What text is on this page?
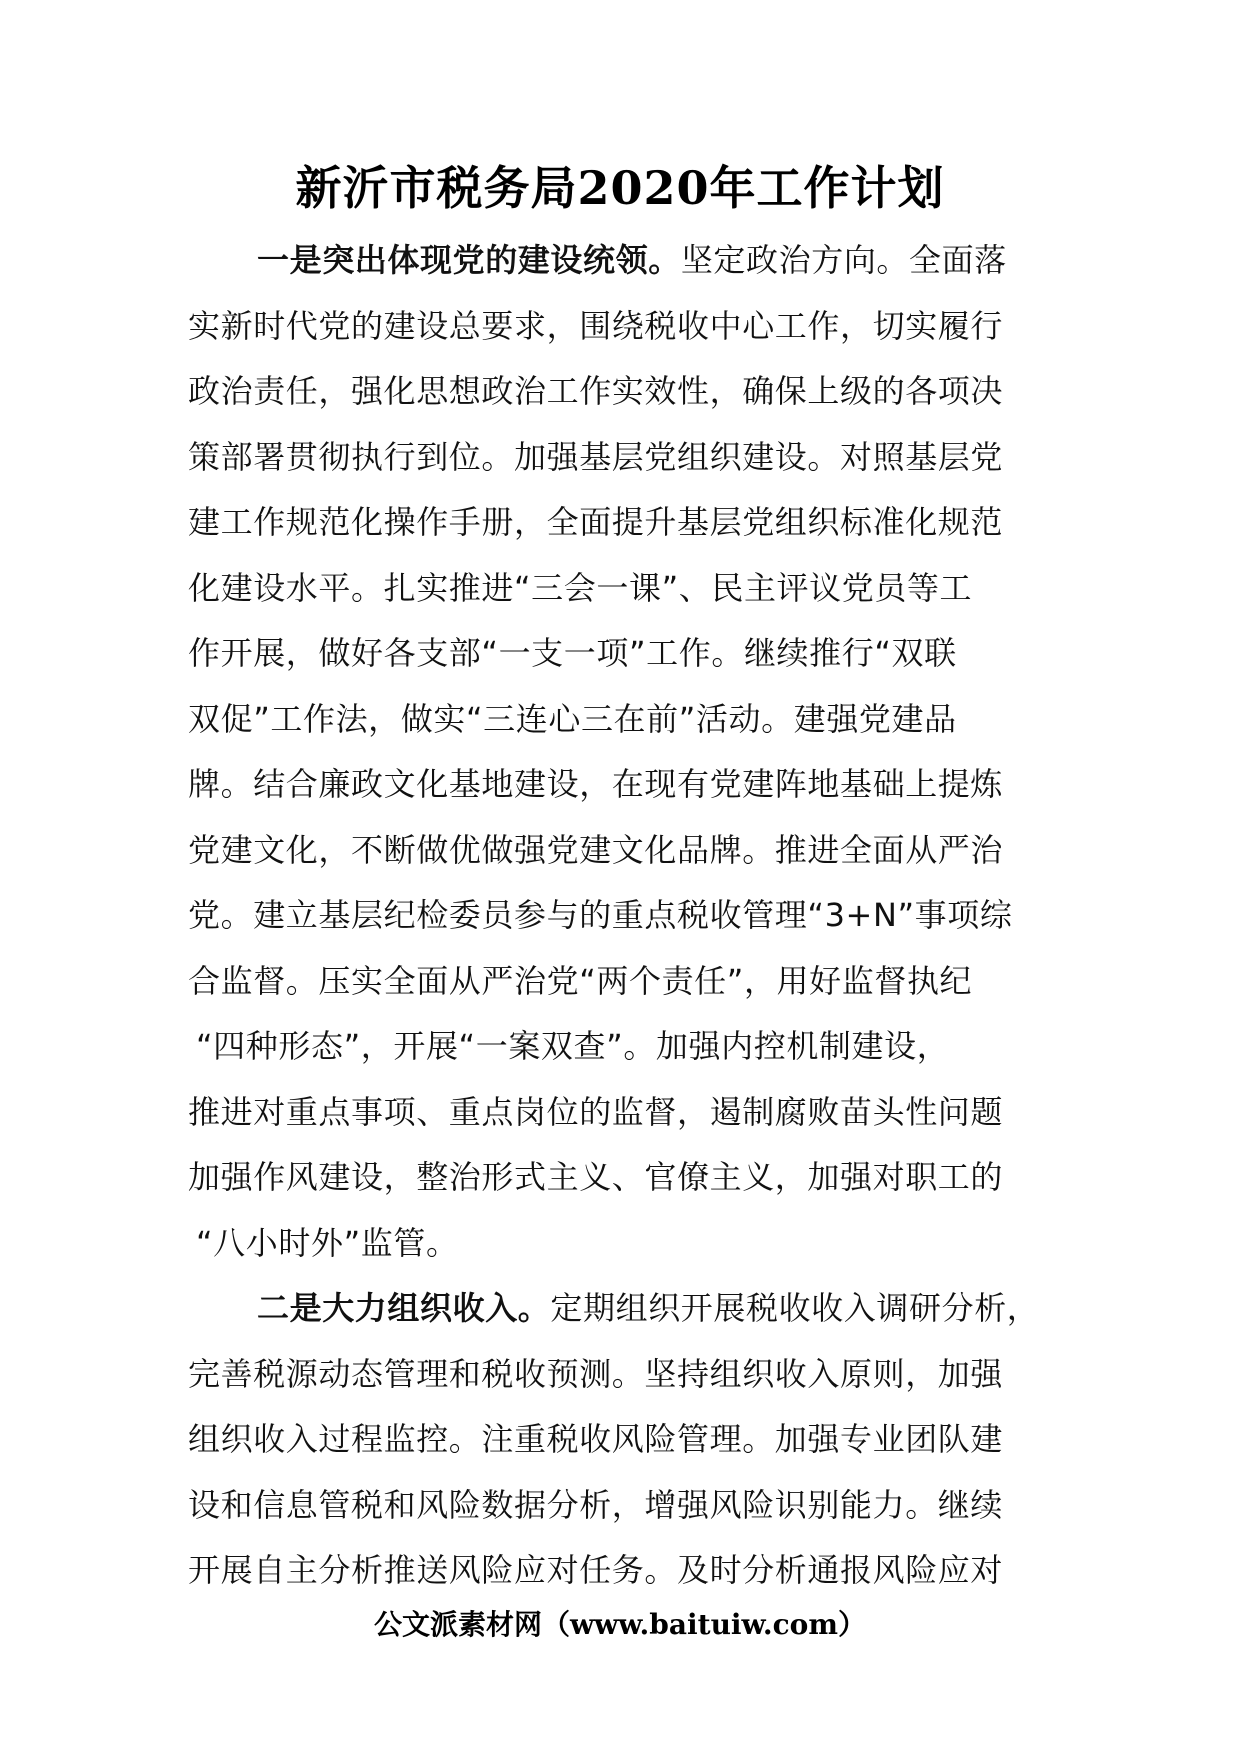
新沂市税务局2020年工作计划
一是突出体现党的建设统领。坚定政治方向。全面落
实新时代党的建设总要求，围绕税收中心工作，切实履行
政治责任，强化思想政治工作实效性，确保上级的各项决
策部署贯彻执行到位。加强基层党组织建设。对照基层党
建工作规范化操作手册，全面提升基层党组织标准化规范
化建设水平。扎实推进“三会一课”、民主评议党员等工
作开展，做好各支部“一支一项”工作。继续推行“双联
双促”工作法，做实“三连心三在前”活动。建强党建品
牌。结合廉政文化基地建设，在现有党建阵地基础上提炼
党建文化，不断做优做强党建文化品牌。推进全面从严治
党。建立基层纪检委员参与的重点税收管理“3+N”事项综
合监督。压实全面从严治党“两个责任”，用好监督执纪
“四种形态”，开展“一案双查”。加强内控机制建设，
推进对重点事项、重点岗位的监督，遏制腐败苗头性问题
加强作风建设，整治形式主义、官僚主义，加强对职工的
“八小时外”监管。
二是大力组织收入。定期组织开展税收收入调研分析，
完善税源动态管理和税收预测。坚持组织收入原则，加强
组织收入过程监控。注重税收风险管理。加强专业团队建
设和信息管税和风险数据分析，增强风险识别能力。继续
开展自主分析推送风险应对任务。及时分析通报风险应对
公文派素材网（www.baituiw.com）
